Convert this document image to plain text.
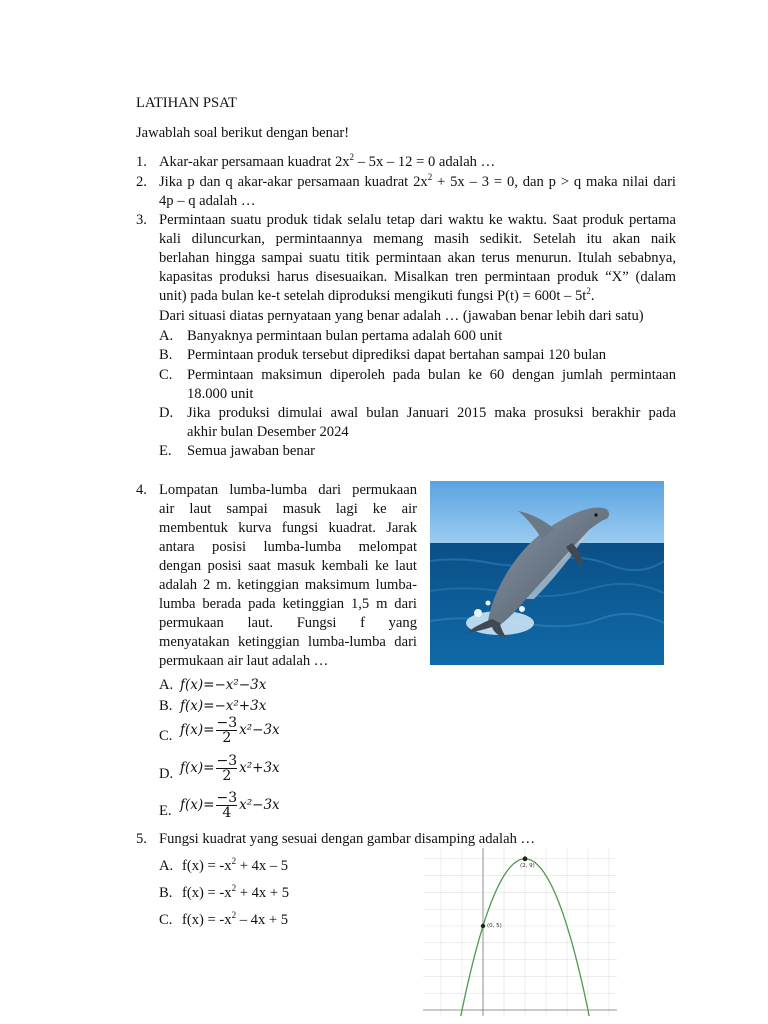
LATIHAN PSAT
Jawablah soal berikut dengan benar!
1. Akar-akar persamaan kuadrat $2x^2 - 5x - 12 = 0$ adalah …
2. Jika p dan q akar-akar persamaan kuadrat $2x^2 + 5x - 3 = 0$, dan p > q maka nilai dari
4p – q adalah …
3. Permintaan suatu produk tidak selalu tetap dari waktu ke waktu. Saat produk pertama
kali diluncurkan, permintaannya memang masih sedikit. Setelah itu akan naik
berlahan hingga sampai suatu titik permintaan akan terus menurun. Itulah sebabnya,
kapasitas produksi harus disesuaikan. Misalkan tren permintaan produk “X” (dalam
unit) pada bulan ke-t setelah diproduksi mengikuti fungsi $P(t) = 600t - 5t^2$.
Dari situasi diatas pernyataan yang benar adalah … (jawaban benar lebih dari satu)
A. Banyaknya permintaan bulan pertama adalah 600 unit
B.	Permintaan produk tersebut diprediksi dapat bertahan sampai 120 bulan
C.	Permintaan maksimun diperoleh pada bulan ke 60 dengan jumlah permintaan
18.000 unit
D. Jika produksi dimulai awal bulan Januari 2015 maka prosuksi berakhir pada
akhir bulan Desember 2024
E.	Semua jawaban benar
4. Lompatan lumba-lumba dari permukaan
air laut sampai masuk lagi ke air
membentuk kurva fungsi kuadrat. Jarak
antara posisi lumba-lumba melompat
dengan posisi saat masuk kembali ke laut
adalah 2 m. ketinggian maksimum lumba-
lumba berada pada ketinggian 1,5 m dari
permukaan laut. Fungsi f yang
menyatakan ketinggian lumba-lumba dari
permukaan air laut adalah …
A. f(x)=−x²−3x
B. f(x)=−x²+3x
C. $f(x)= \frac{-3}{2} x^2-3x$
D. $f(x)= \frac{-3}{2} x^2+3x$
E. $f(x)= \frac{-3}{4} x^2-3x$
5. Fungsi kuadrat yang sesuai dengan gambar disamping adalah …
A. $f(x) = -x^2 + 4x - 5$
B. $f(x) = -x^2 + 4x + 5$
C. $f(x) = -x^2 - 4x + 5$
(2, 9)
(0, 5)
